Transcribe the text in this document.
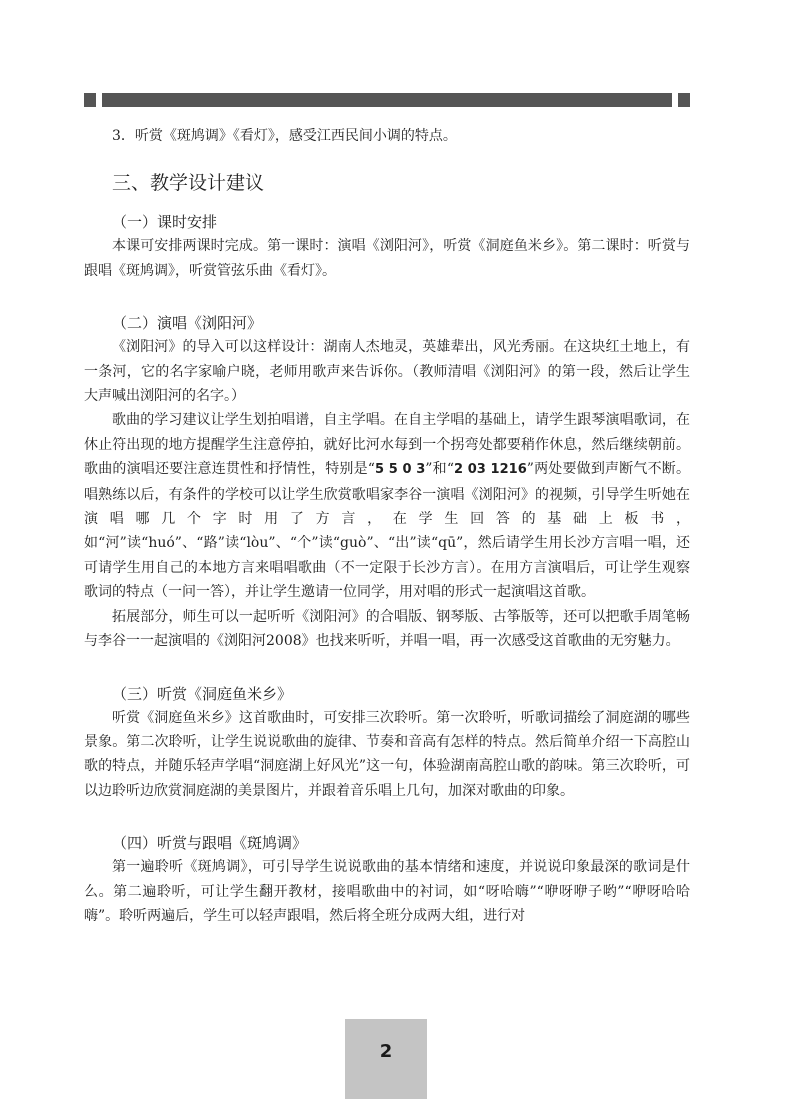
3．听赏《斑鸠调》《看灯》，感受江西民间小调的特点。

三、教学设计建议
（一）课时安排

本课可安排两课时完成。第一课时：演唱《浏阳河》，听赏《洞庭鱼米乡》。第二课时：听赏与跟唱《斑鸠调》，听赏管弦乐曲《看灯》。

（二）演唱《浏阳河》

《浏阳河》的导入可以这样设计：湖南人杰地灵，英雄辈出，风光秀丽。在这块红土地上，有一条河，它的名字家喻户晓，老师用歌声来告诉你。（教师清唱《浏阳河》的第一段，然后让学生大声喊出浏阳河的名字。）

歌曲的学习建议让学生划拍唱谱，自主学唱。在自主学唱的基础上，请学生跟琴演唱歌词，在休止符出现的地方提醒学生注意停拍，就好比河水每到一个拐弯处都要稍作休息，然后继续朝前。歌曲的演唱还要注意连贯性和抒情性，特别是“5 5 0 3”和“2 03 1216”两处要做到声断气不断。唱熟练以后，有条件的学校可以让学生欣赏歌唱家李谷一演唱《浏阳河》的视频，引导学生听她在演唱哪几个字时用了方言，在学生回答的基础上板书，如“河”读“huó”、“路”读“lòu”、“个”读“guò”、“出”读“qū”，然后请学生用长沙方言唱一唱，还可请学生用自己的本地方言来唱唱歌曲（不一定限于长沙方言）。在用方言演唱后，可让学生观察歌词的特点（一问一答），并让学生邀请一位同学，用对唱的形式一起演唱这首歌。

拓展部分，师生可以一起听听《浏阳河》的合唱版、钢琴版、古筝版等，还可以把歌手周笔畅与李谷一一起演唱的《浏阳河2008》也找来听听，并唱一唱，再一次感受这首歌曲的无穷魅力。

（三）听赏《洞庭鱼米乡》

听赏《洞庭鱼米乡》这首歌曲时，可安排三次聆听。第一次聆听，听歌词描绘了洞庭湖的哪些景象。第二次聆听，让学生说说歌曲的旋律、节奏和音高有怎样的特点。然后简单介绍一下高腔山歌的特点，并随乐轻声学唱“洞庭湖上好风光”这一句，体验湖南高腔山歌的韵味。第三次聆听，可以边聆听边欣赏洞庭湖的美景图片，并跟着音乐唱上几句，加深对歌曲的印象。

（四）听赏与跟唱《斑鸠调》

第一遍聆听《斑鸠调》，可引导学生说说歌曲的基本情绪和速度，并说说印象最深的歌词是什么。第二遍聆听，可让学生翻开教材，接唱歌曲中的衬词，如“呀哈嗨”“咿呀咿子哟”“咿呀哈哈嗨”。聆听两遍后，学生可以轻声跟唱，然后将全班分成两大组，进行对

2
